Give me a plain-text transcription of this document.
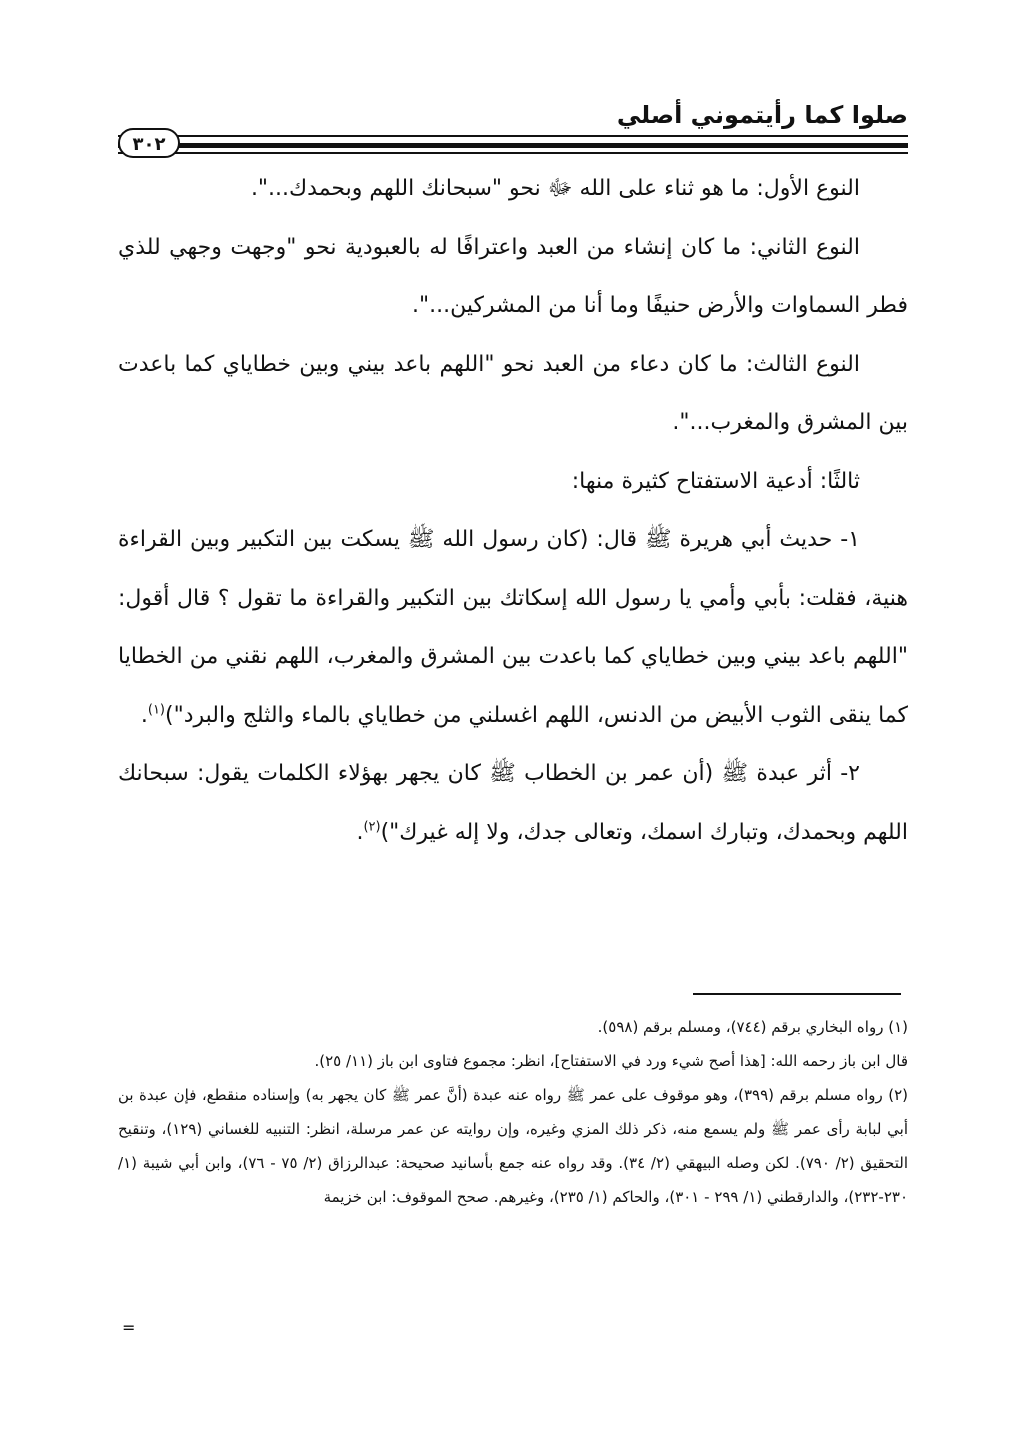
صلوا كما رأيتموني أصلي
٣٠٢

النوع الأول: ما هو ثناء على الله ﷻ نحو "سبحانك اللهم وبحمدك...".

النوع الثاني: ما كان إنشاء من العبد واعترافًا له بالعبودية نحو "وجهت وجهي للذي فطر السماوات والأرض حنيفًا وما أنا من المشركين...".

النوع الثالث: ما كان دعاء من العبد نحو "اللهم باعد بيني وبين خطاياي كما باعدت بين المشرق والمغرب...".

ثالثًا: أدعية الاستفتاح كثيرة منها:

١- حديث أبي هريرة ﷺ قال: (كان رسول الله ﷺ يسكت بين التكبير وبين القراءة هنية، فقلت: بأبي وأمي يا رسول الله إسكاتك بين التكبير والقراءة ما تقول ؟ قال أقول: "اللهم باعد بيني وبين خطاياي كما باعدت بين المشرق والمغرب، اللهم نقني من الخطايا كما ينقى الثوب الأبيض من الدنس، اللهم اغسلني من خطاياي بالماء والثلج والبرد")$^{(١)}$.

٢- أثر عبدة ﷺ (أن عمر بن الخطاب ﷺ كان يجهر بهؤلاء الكلمات يقول: سبحانك اللهم وبحمدك، وتبارك اسمك، وتعالى جدك، ولا إله غيرك")$^{(٢)}$.

(١) رواه البخاري برقم (٧٤٤)، ومسلم برقم (٥٩٨).

قال ابن باز رحمه الله: [هذا أصح شيء ورد في الاستفتاح]، انظر: مجموع فتاوى ابن باز (١١/ ٢٥).

(٢) رواه مسلم برقم (٣٩٩)، وهو موقوف على عمر ﷺ رواه عنه عبدة (أنَّ عمر ﷺ كان يجهر به) وإسناده منقطع، فإن عبدة بن أبي لبابة رأى عمر ﷺ ولم يسمع منه، ذكر ذلك المزي وغيره، وإن روايته عن عمر مرسلة، انظر: التنبيه للغساني (١٢٩)، وتنقيح التحقيق (٢/ ٧٩٠). لكن وصله البيهقي (٢/ ٣٤). وقد رواه عنه جمع بأسانيد صحيحة: عبدالرزاق (٢/ ٧٥ - ٧٦)، وابن أبي شيبة (١/ ٢٣٠-٢٣٢)، والدارقطني (١/ ٢٩٩ - ٣٠١)، والحاكم (١/ ٢٣٥)، وغيرهم. صحح الموقوف: ابن خزيمة

=
